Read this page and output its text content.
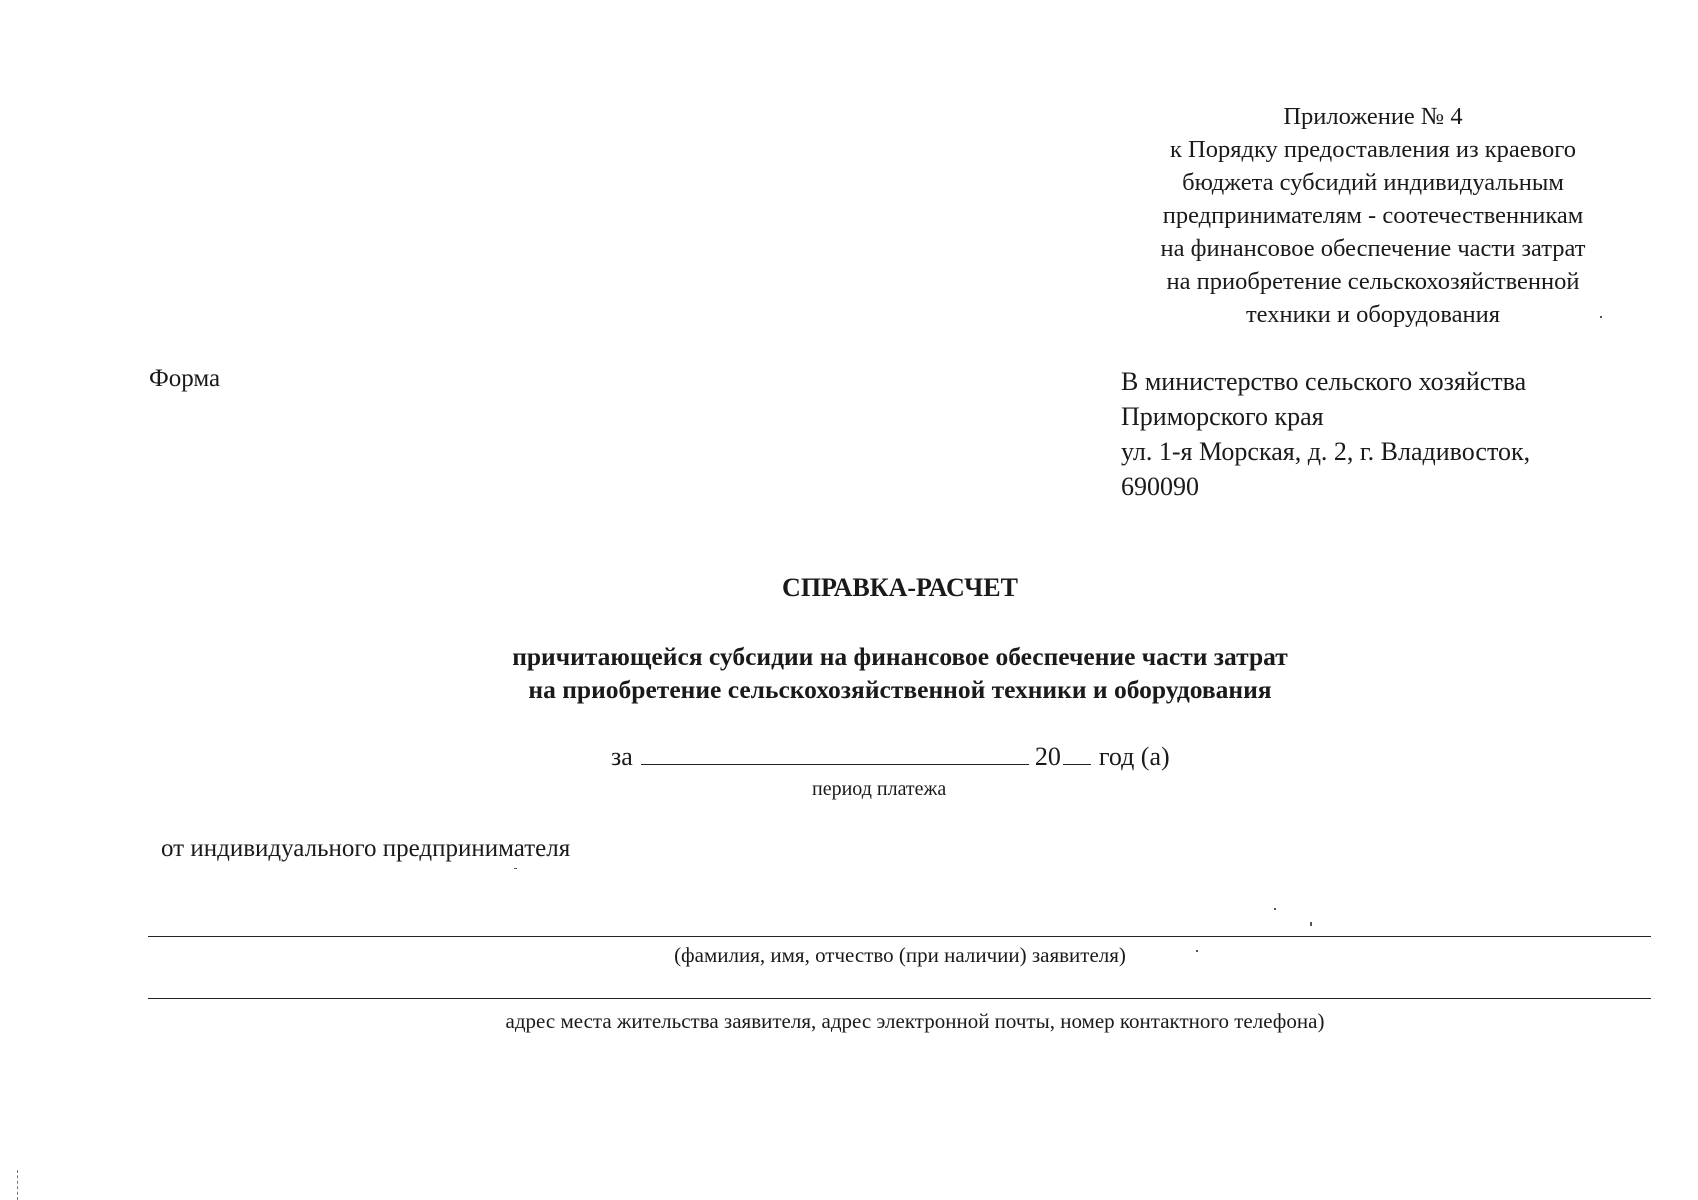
Приложение № 4
к Порядку предоставления из краевого
бюджета субсидий индивидуальным
предпринимателям - соотечественникам
на финансовое обеспечение части затрат
на приобретение сельскохозяйственной
техники и оборудования
Форма	В министерство сельского хозяйства
Приморского края
ул. 1-я Морская, д. 2, г. Владивосток,
690090
СПРАВКА-РАСЧЕТ
причитающейся субсидии на финансовое обеспечение части затрат
на приобретение сельскохозяйственной техники и оборудования
за	20 год (а)
период платежа
от индивидуального предпринимателя
(фамилия, имя, отчество (при наличии) заявителя)
адрес места жительства заявителя, адрес электронной почты, номер контактного телефона)
